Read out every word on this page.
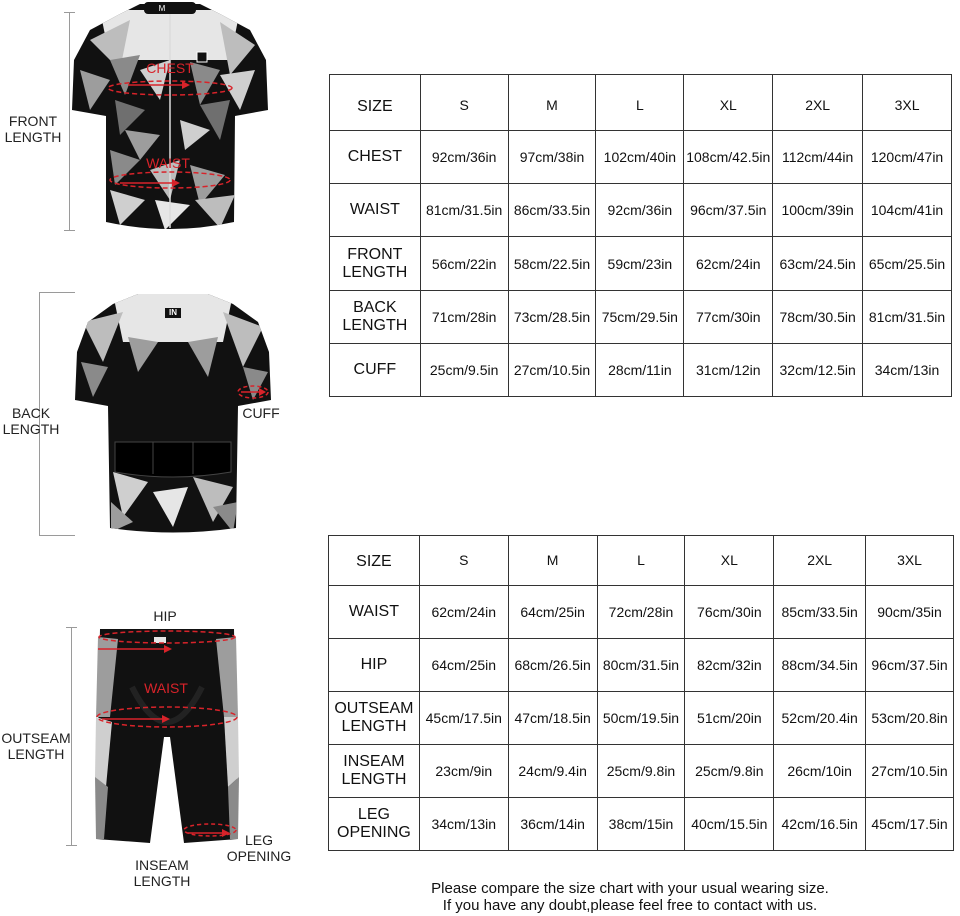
FRONT
LENGTH
M
CHEST
WAIST
BACK
LENGTH
IN
CUFF
HIP
OUTSEAM
LENGTH
WAIST
LEG
OPENING
INSEAM
LENGTH
SIZE	S	M	L	XL	2XL	3XL
CHEST	92cm/36in	97cm/38in	102cm/40in	108cm/42.5in	112cm/44in	120cm/47in
WAIST	81cm/31.5in	86cm/33.5in	92cm/36in	96cm/37.5in	100cm/39in	104cm/41in
FRONT
LENGTH	56cm/22in	58cm/22.5in	59cm/23in	62cm/24in	63cm/24.5in	65cm/25.5in
BACK
LENGTH	71cm/28in	73cm/28.5in	75cm/29.5in	77cm/30in	78cm/30.5in	81cm/31.5in
CUFF	25cm/9.5in	27cm/10.5in	28cm/11in	31cm/12in	32cm/12.5in	34cm/13in
SIZE	S	M	L	XL	2XL	3XL
WAIST	62cm/24in	64cm/25in	72cm/28in	76cm/30in	85cm/33.5in	90cm/35in
HIP	64cm/25in	68cm/26.5in	80cm/31.5in	82cm/32in	88cm/34.5in	96cm/37.5in
OUTSEAM
LENGTH	45cm/17.5in	47cm/18.5in	50cm/19.5in	51cm/20in	52cm/20.4in	53cm/20.8in
INSEAM
LENGTH	23cm/9in	24cm/9.4in	25cm/9.8in	25cm/9.8in	26cm/10in	27cm/10.5in
LEG
OPENING	34cm/13in	36cm/14in	38cm/15in	40cm/15.5in	42cm/16.5in	45cm/17.5in
Please compare the size chart with your usual wearing size.
If you have any doubt,please feel free to contact with us.
